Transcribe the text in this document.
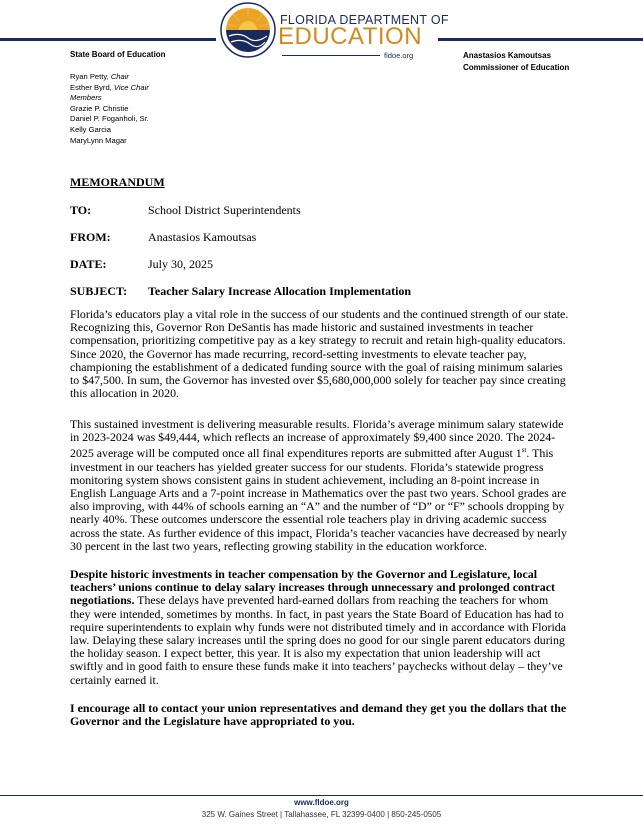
FLORIDA DEPARTMENT OF
EDUCATION
fldoe.org
State Board of Education	Anastasios Kamoutsas
Commissioner of Education
Ryan Petty, Chair
Esther Byrd, Vice Chair
Members
Grazie P. Christie
Daniel P. Foganholi, Sr.
Kelly Garcia
MaryLynn Magar
MEMORANDUM
TO:	School District Superintendents
FROM:	Anastasios Kamoutsas
DATE:	July 30, 2025
SUBJECT: Teacher Salary Increase Allocation Implementation

Florida’s educators play a vital role in the success of our students and the continued strength of our state. Recognizing this, Governor Ron DeSantis has made historic and sustained investments in teacher compensation, prioritizing competitive pay as a key strategy to recruit and retain high-quality educators. Since 2020, the Governor has made recurring, record-setting investments to elevate teacher pay, championing the establishment of a dedicated funding source with the goal of raising minimum salaries to $47,500. In sum, the Governor has invested over $5,680,000,000 solely for teacher pay since creating this allocation in 2020.

This sustained investment is delivering measurable results. Florida’s average minimum salary statewide in 2023-2024 was $49,444, which reflects an increase of approximately $9,400 since 2020. The 2024-2025 average will be computed once all final expenditures reports are submitted after August 1st. This investment in our teachers has yielded greater success for our students. Florida’s statewide progress monitoring system shows consistent gains in student achievement, including an 8-point increase in English Language Arts and a 7-point increase in Mathematics over the past two years. School grades are also improving, with 44% of schools earning an “A” and the number of “D” or “F” schools dropping by nearly 40%. These outcomes underscore the essential role teachers play in driving academic success across the state. As further evidence of this impact, Florida’s teacher vacancies have decreased by nearly 30 percent in the last two years, reflecting growing stability in the education workforce.

Despite historic investments in teacher compensation by the Governor and Legislature, local teachers’ unions continue to delay salary increases through unnecessary and prolonged contract negotiations. These delays have prevented hard-earned dollars from reaching the teachers for whom they were intended, sometimes by months. In fact, in past years the State Board of Education has had to require superintendents to explain why funds were not distributed timely and in accordance with Florida law. Delaying these salary increases until the spring does no good for our single parent educators during the holiday season. I expect better, this year. It is also my expectation that union leadership will act swiftly and in good faith to ensure these funds make it into teachers’ paychecks without delay – they’ve certainly earned it.

I encourage all to contact your union representatives and demand they get you the dollars that the Governor and the Legislature have appropriated to you.

www.fldoe.org
325 W. Gaines Street | Tallahassee, FL 32399-0400 | 850-245-0505
